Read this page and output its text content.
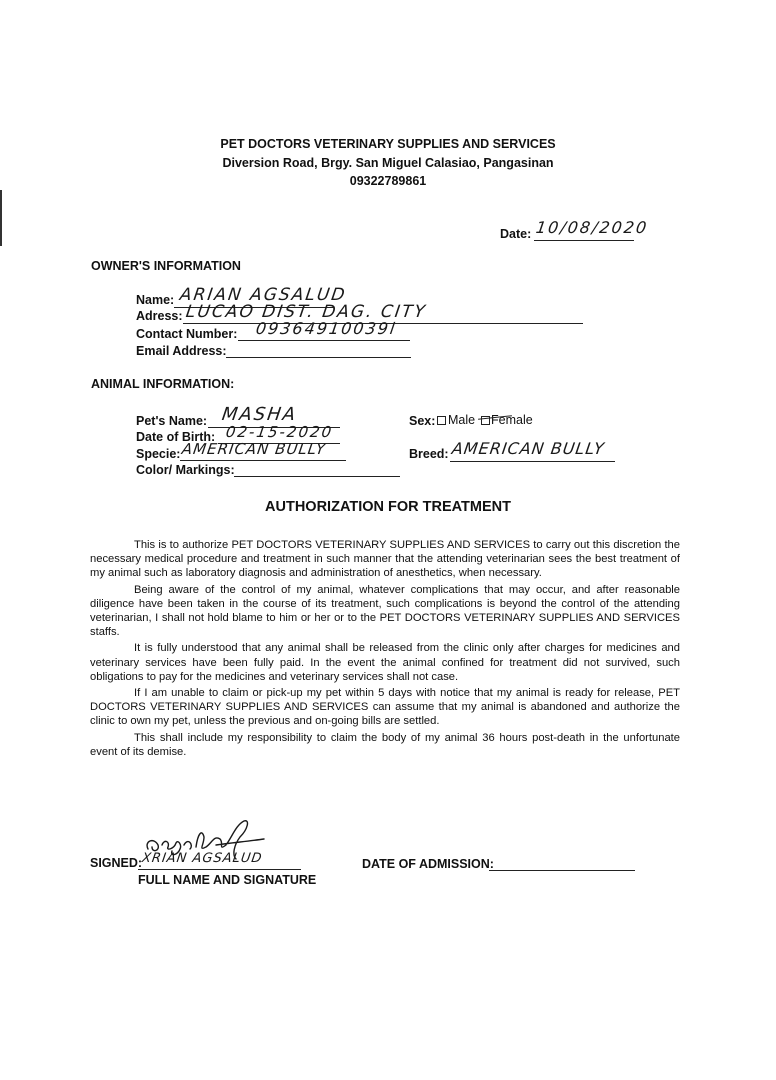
PET DOCTORS VETERINARY SUPPLIES AND SERVICES
Diversion Road, Brgy. San Miguel Calasiao, Pangasinan
09322789861
Date: 10/08/2020
OWNER'S INFORMATION
Name: ARIAN AGSALUD
Adress: LUCAO DIST. DAG. CITY
Contact Number: 09364910039l
Email Address:
ANIMAL INFORMATION:
Pet's Name: MASHA
Date of Birth: 02-15-2020
Specie: AMERICAN BULLY
Color/ Markings:
Sex: Male Female
Breed: AMERICAN BULLY
AUTHORIZATION FOR TREATMENT

This is to authorize PET DOCTORS VETERINARY SUPPLIES AND SERVICES to carry out this discretion the necessary medical procedure and treatment in such manner that the attending veterinarian sees the best treatment of my animal such as laboratory diagnosis and administration of anesthetics, when necessary.

Being aware of the control of my animal, whatever complications that may occur, and after reasonable diligence have been taken in the course of its treatment, such complications is beyond the control of the attending veterinarian, I shall not hold blame to him or her or to the PET DOCTORS VETERINARY SUPPLIES AND SERVICES staffs.

It is fully understood that any animal shall be released from the clinic only after charges for medicines and veterinary services have been fully paid. In the event the animal confined for treatment did not survived, such obligations to pay for the medicines and veterinary services shall not case.

If I am unable to claim or pick-up my pet within 5 days with notice that my animal is ready for release, PET DOCTORS VETERINARY SUPPLIES AND SERVICES can assume that my animal is abandoned and authorize the clinic to own my pet, unless the previous and on-going bills are settled.

This shall include my responsibility to claim the body of my animal 36 hours post-death in the unfortunate event of its demise.

SIGNED:
XRIAN AGSALUD
FULL NAME AND SIGNATURE
DATE OF ADMISSION:
